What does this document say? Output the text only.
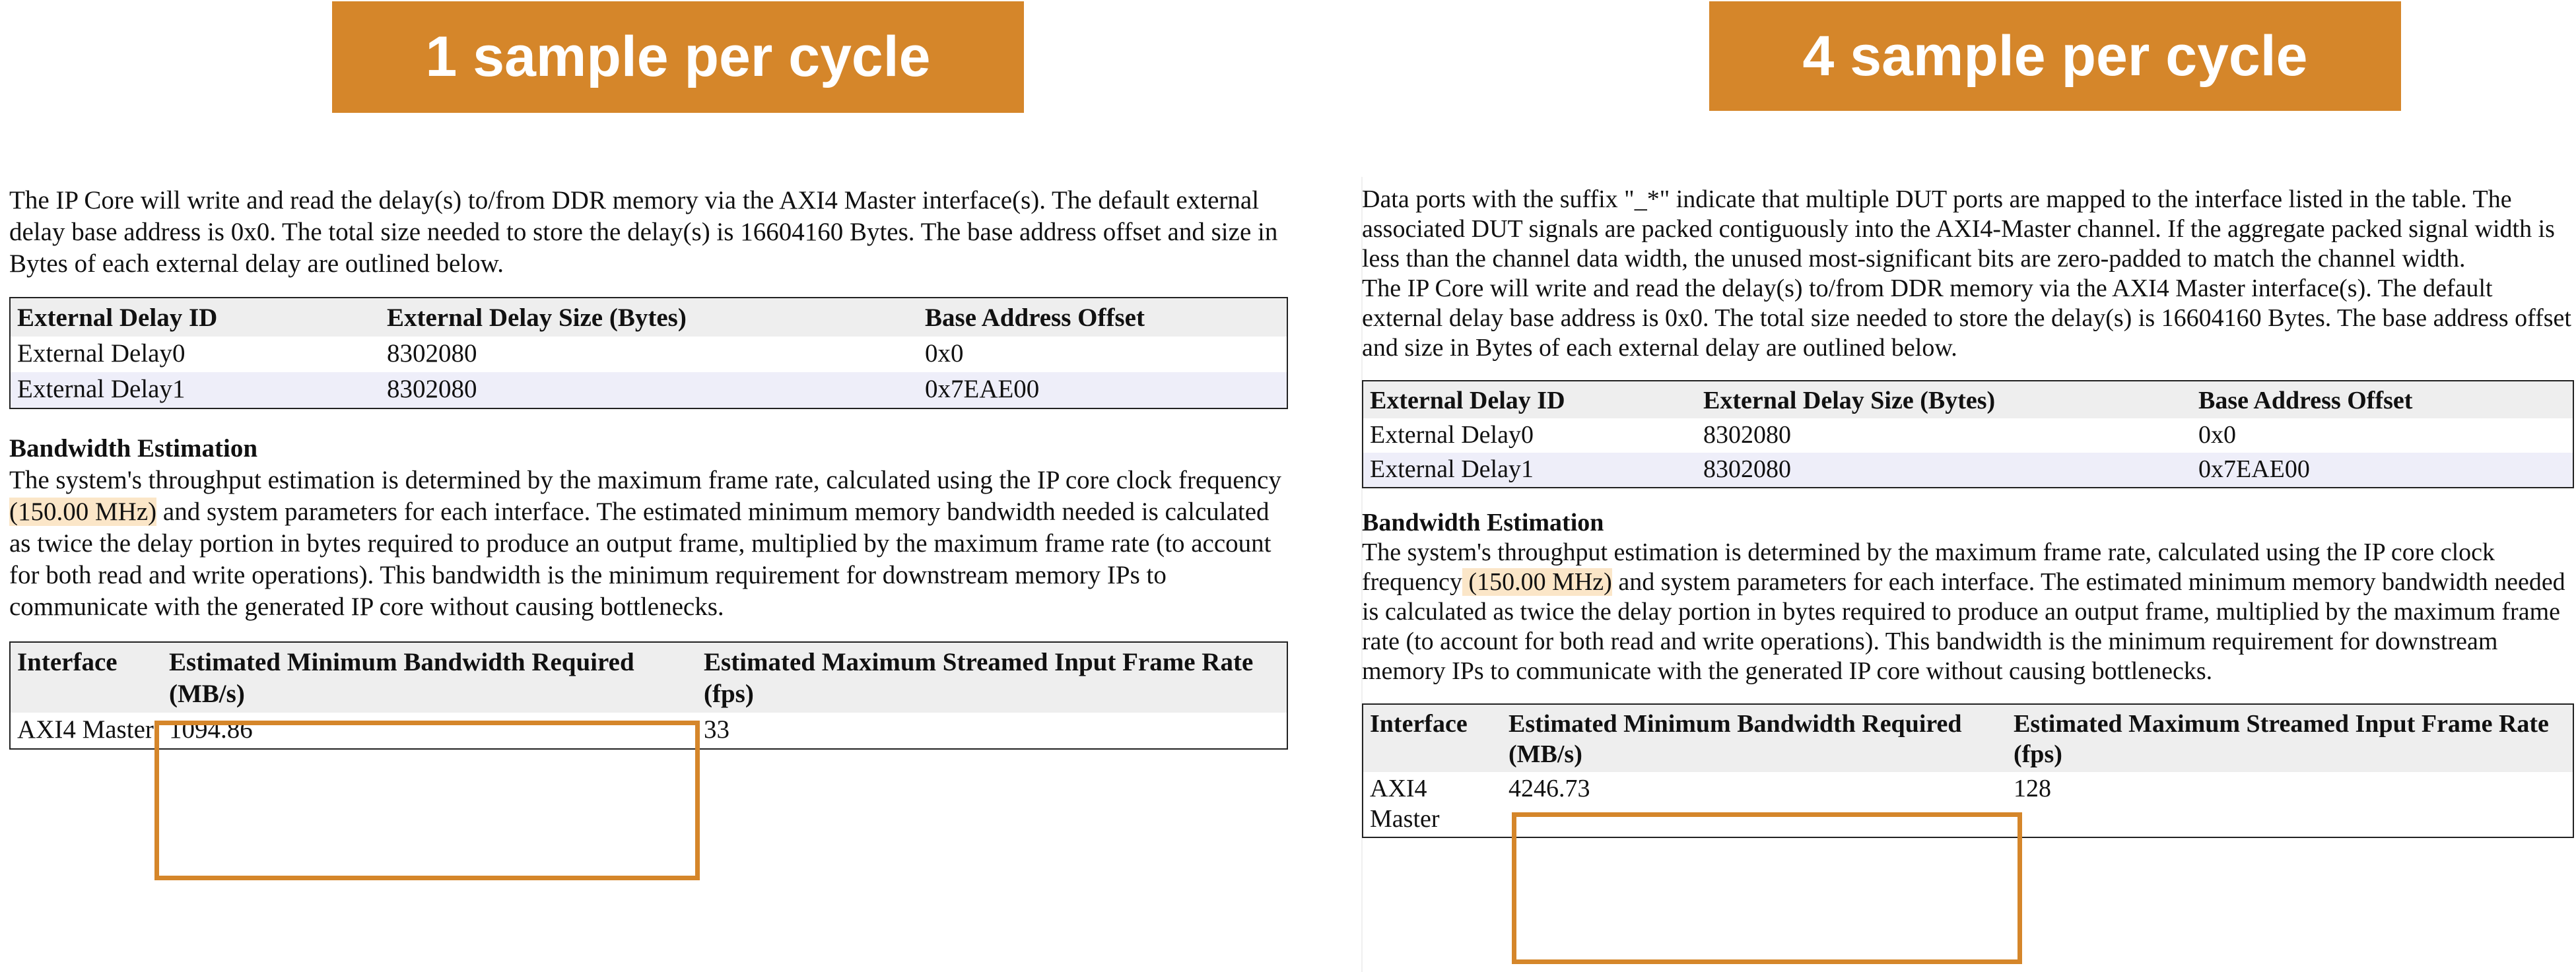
1 sample per cycle	4 sample per cycle

The IP Core will write and read the delay(s) to/from DDR memory via the AXI4 Master interface(s). The default external delay base address is 0x0. The total size needed to store the delay(s) is 16604160 Bytes. The base address offset and size in Bytes of each external delay are outlined below.

External Delay ID	External Delay Size (Bytes)	Base Address Offset
External Delay0	8302080	0x0
External Delay1	8302080	0x7EAE00

Bandwidth Estimation

The system's throughput estimation is determined by the maximum frame rate, calculated using the IP core clock frequency (150.00 MHz) and system parameters for each interface. The estimated minimum memory bandwidth needed is calculated as twice the delay portion in bytes required to produce an output frame, multiplied by the maximum frame rate (to account for both read and write operations). This bandwidth is the minimum requirement for downstream memory IPs to communicate with the generated IP core without causing bottlenecks.

Interface	Estimated Minimum Bandwidth Required (MB/s)	Estimated Maximum Streamed Input Frame Rate (fps)
AXI4 Master	1094.86	33

Data ports with the suffix "_*" indicate that multiple DUT ports are mapped to the interface listed in the table. The associated DUT signals are packed contiguously into the AXI4-Master channel. If the aggregate packed signal width is less than the channel data width, the unused most-significant bits are zero-padded to match the channel width.

The IP Core will write and read the delay(s) to/from DDR memory via the AXI4 Master interface(s). The default external delay base address is 0x0. The total size needed to store the delay(s) is 16604160 Bytes. The base address offset and size in Bytes of each external delay are outlined below.

External Delay ID	External Delay Size (Bytes)	Base Address Offset
External Delay0	8302080	0x0
External Delay1	8302080	0x7EAE00

Bandwidth Estimation

The system's throughput estimation is determined by the maximum frame rate, calculated using the IP core clock frequency (150.00 MHz) and system parameters for each interface. The estimated minimum memory bandwidth needed is calculated as twice the delay portion in bytes required to produce an output frame, multiplied by the maximum frame rate (to account for both read and write operations). This bandwidth is the minimum requirement for downstream memory IPs to communicate with the generated IP core without causing bottlenecks.

Interface	Estimated Minimum Bandwidth Required (MB/s)	Estimated Maximum Streamed Input Frame Rate (fps)
AXI4 Master	4246.73	128
